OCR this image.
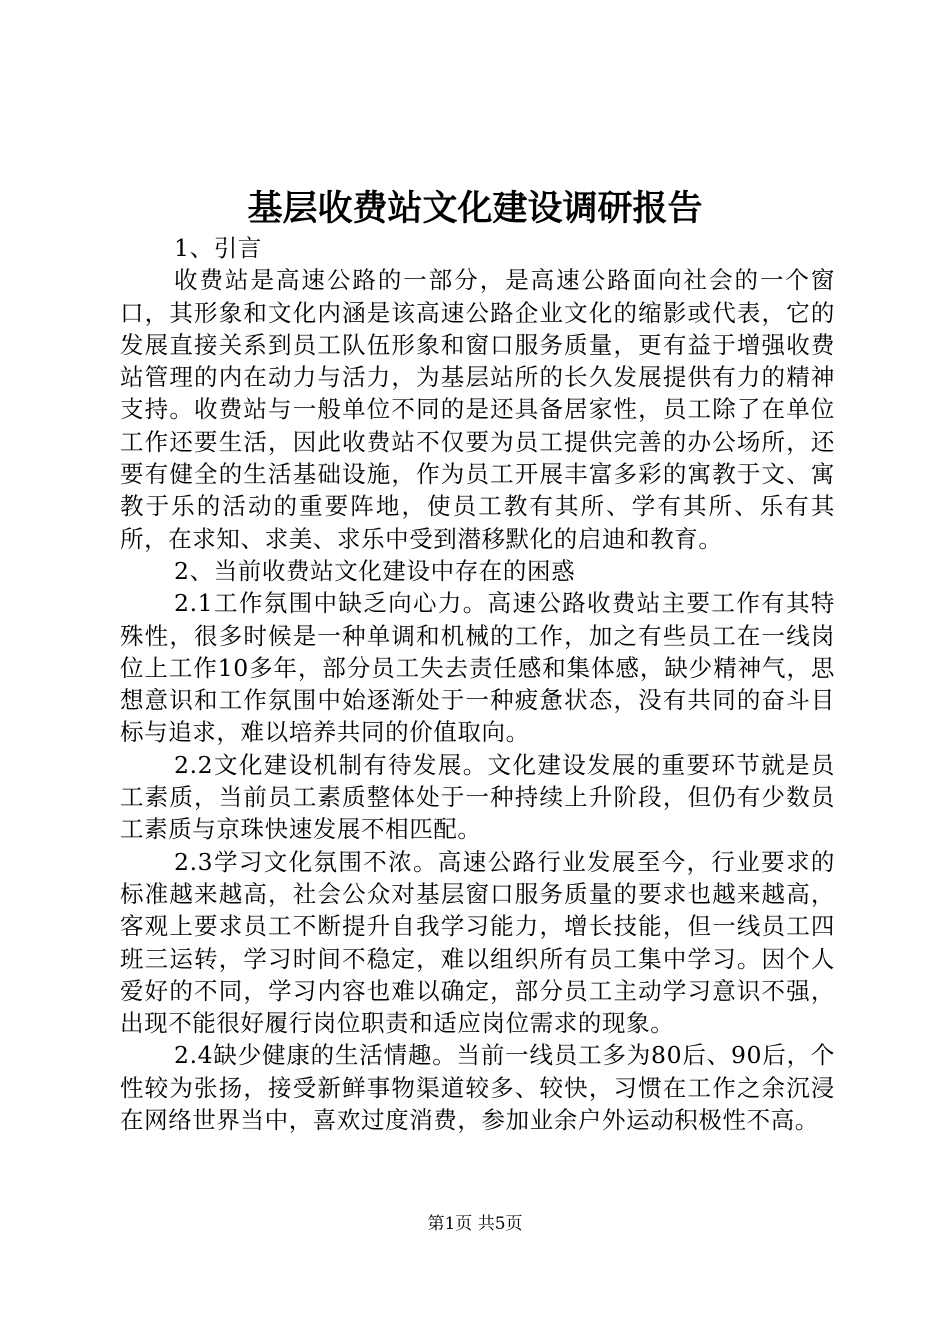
基层收费站文化建设调研报告

1、引言

收费站是高速公路的一部分，是高速公路面向社会的一个窗口，其形象和文化内涵是该高速公路企业文化的缩影或代表，它的发展直接关系到员工队伍形象和窗口服务质量，更有益于增强收费站管理的内在动力与活力，为基层站所的长久发展提供有力的精神支持。收费站与一般单位不同的是还具备居家性，员工除了在单位工作还要生活，因此收费站不仅要为员工提供完善的办公场所，还要有健全的生活基础设施，作为员工开展丰富多彩的寓教于文、寓教于乐的活动的重要阵地，使员工教有其所、学有其所、乐有其所，在求知、求美、求乐中受到潜移默化的启迪和教育。

2、当前收费站文化建设中存在的困惑

2.1工作氛围中缺乏向心力。高速公路收费站主要工作有其特殊性，很多时候是一种单调和机械的工作，加之有些员工在一线岗位上工作10多年，部分员工失去责任感和集体感，缺少精神气，思想意识和工作氛围中始逐渐处于一种疲惫状态，没有共同的奋斗目标与追求，难以培养共同的价值取向。

2.2文化建设机制有待发展。文化建设发展的重要环节就是员工素质，当前员工素质整体处于一种持续上升阶段，但仍有少数员工素质与京珠快速发展不相匹配。

2.3学习文化氛围不浓。高速公路行业发展至今，行业要求的标准越来越高，社会公众对基层窗口服务质量的要求也越来越高，客观上要求员工不断提升自我学习能力，增长技能，但一线员工四班三运转，学习时间不稳定，难以组织所有员工集中学习。因个人爱好的不同，学习内容也难以确定，部分员工主动学习意识不强，出现不能很好履行岗位职责和适应岗位需求的现象。

2.4缺少健康的生活情趣。当前一线员工多为80后、90后，个性较为张扬，接受新鲜事物渠道较多、较快，习惯在工作之余沉浸在网络世界当中，喜欢过度消费，参加业余户外运动积极性不高。

第1页 共5页
